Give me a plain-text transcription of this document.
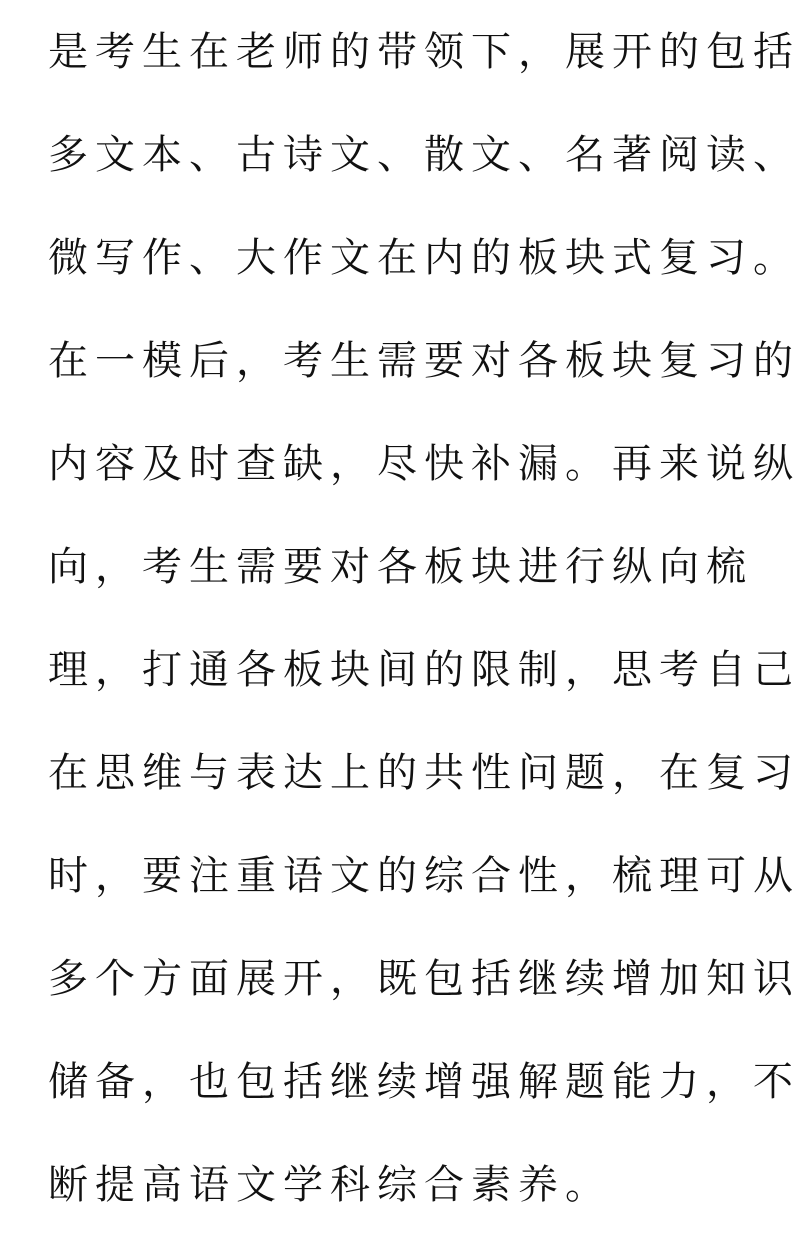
是考生在老师的带领下，展开的包括
多文本、古诗文、散文、名著阅读、
微写作、大作文在内的板块式复习。
在一模后，考生需要对各板块复习的
内容及时查缺，尽快补漏。再来说纵
向，考生需要对各板块进行纵向梳
理，打通各板块间的限制，思考自己
在思维与表达上的共性问题，在复习
时，要注重语文的综合性，梳理可从
多个方面展开，既包括继续增加知识
储备，也包括继续增强解题能力，不
断提高语文学科综合素养。
